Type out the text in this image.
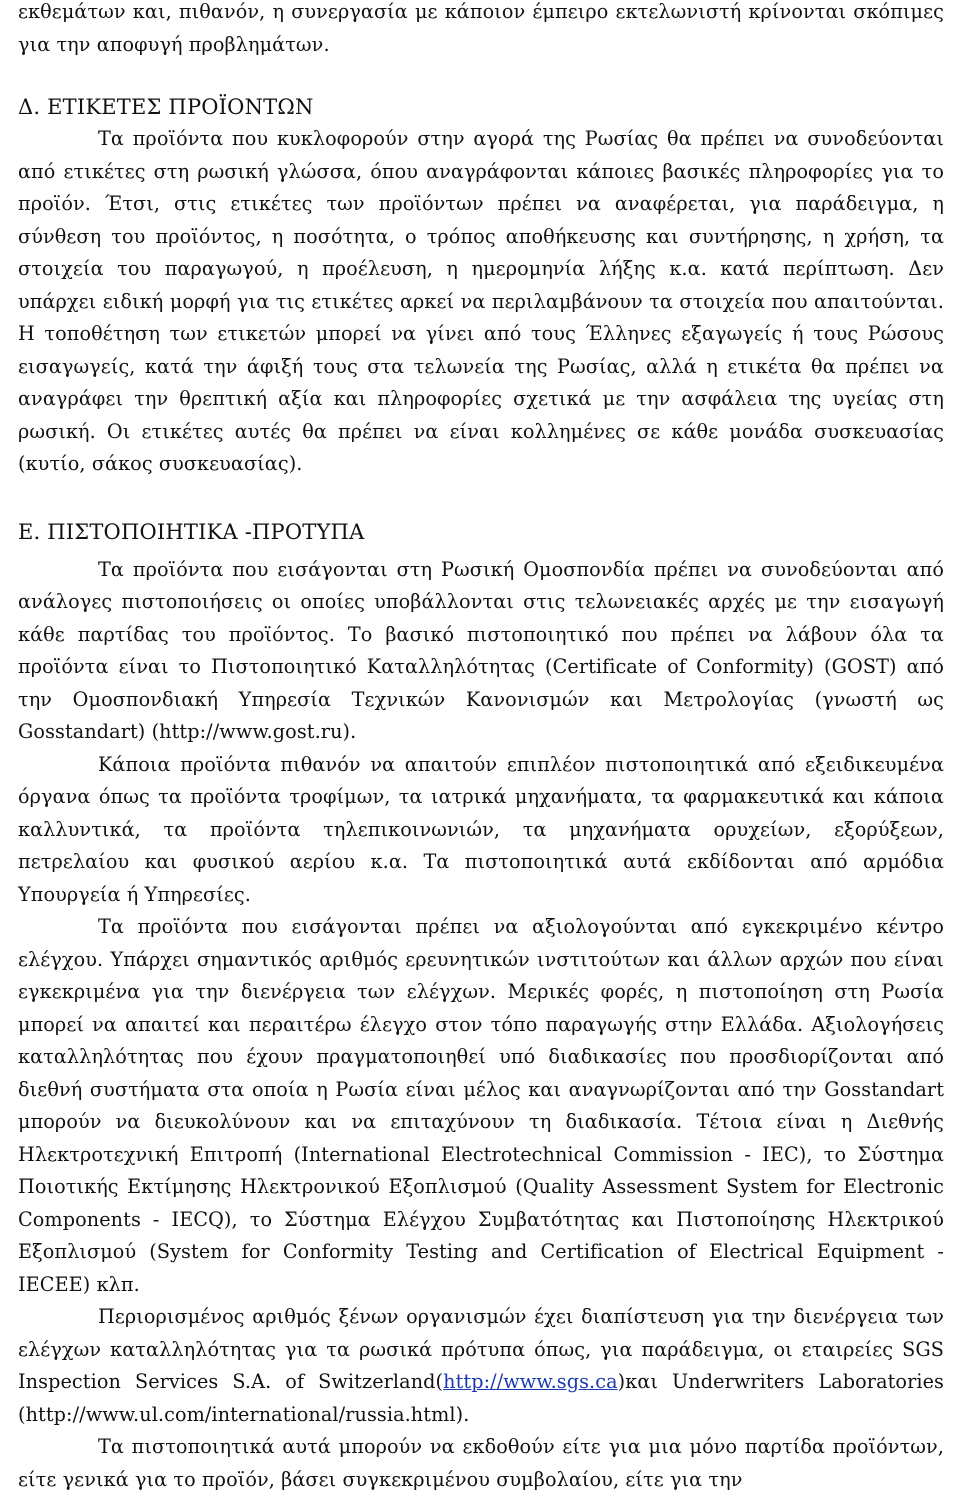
εκθεμάτων και, πιθανόν, η συνεργασία με κάποιον έμπειρο εκτελωνιστή κρίνονται σκόπιμες για την αποφυγή προβλημάτων.

Δ. ΕΤΙΚΕΤΕΣ ΠΡΟΪΟΝΤΩΝ

Τα προϊόντα που κυκλοφορούν στην αγορά της Ρωσίας θα πρέπει να συνοδεύονται από ετικέτες στη ρωσική γλώσσα, όπου αναγράφονται κάποιες βασικές πληροφορίες για το προϊόν. Έτσι, στις ετικέτες των προϊόντων πρέπει να αναφέρεται, για παράδειγμα, η σύνθεση του προϊόντος, η ποσότητα, ο τρόπος αποθήκευσης και συντήρησης, η χρήση, τα στοιχεία του παραγωγού, η προέλευση, η ημερομηνία λήξης κ.α. κατά περίπτωση. Δεν υπάρχει ειδική μορφή για τις ετικέτες αρκεί να περιλαμβάνουν τα στοιχεία που απαιτούνται. Η τοποθέτηση των ετικετών μπορεί να γίνει από τους Έλληνες εξαγωγείς ή τους Ρώσους εισαγωγείς, κατά την άφιξή τους στα τελωνεία της Ρωσίας, αλλά η ετικέτα θα πρέπει να αναγράφει την θρεπτική αξία και πληροφορίες σχετικά με την ασφάλεια της υγείας στη ρωσική. Οι ετικέτες αυτές θα πρέπει να είναι κολλημένες σε κάθε μονάδα συσκευασίας (κυτίο, σάκος συσκευασίας).

Ε. ΠΙΣΤΟΠΟΙΗΤΙΚΑ -ΠΡΟΤΥΠΑ

Τα προϊόντα που εισάγονται στη Ρωσική Ομοσπονδία πρέπει να συνοδεύονται από ανάλογες πιστοποιήσεις οι οποίες υποβάλλονται στις τελωνειακές αρχές με την εισαγωγή κάθε παρτίδας του προϊόντος. Το βασικό πιστοποιητικό που πρέπει να λάβουν όλα τα προϊόντα είναι το Πιστοποιητικό Καταλληλότητας (Certificate of Conformity) (GOST) από την Ομοσπονδιακή Υπηρεσία Τεχνικών Κανονισμών και Μετρολογίας (γνωστή ως Gosstandart) (http://www.gost.ru).

Κάποια προϊόντα πιθανόν να απαιτούν επιπλέον πιστοποιητικά από εξειδικευμένα όργανα όπως τα προϊόντα τροφίμων, τα ιατρικά μηχανήματα, τα φαρμακευτικά και κάποια καλλυντικά, τα προϊόντα τηλεπικοινωνιών, τα μηχανήματα ορυχείων, εξορύξεων, πετρελαίου και φυσικού αερίου κ.α. Τα πιστοποιητικά αυτά εκδίδονται από αρμόδια Υπουργεία ή Υπηρεσίες.

Τα προϊόντα που εισάγονται πρέπει να αξιολογούνται από εγκεκριμένο κέντρο ελέγχου. Υπάρχει σημαντικός αριθμός ερευνητικών ινστιτούτων και άλλων αρχών που είναι εγκεκριμένα για την διενέργεια των ελέγχων. Μερικές φορές, η πιστοποίηση στη Ρωσία μπορεί να απαιτεί και περαιτέρω έλεγχο στον τόπο παραγωγής στην Ελλάδα. Αξιολογήσεις καταλληλότητας που έχουν πραγματοποιηθεί υπό διαδικασίες που προσδιορίζονται από διεθνή συστήματα στα οποία η Ρωσία είναι μέλος και αναγνωρίζονται από την Gosstandart μπορούν να διευκολύνουν και να επιταχύνουν τη διαδικασία. Τέτοια είναι η Διεθνής Ηλεκτροτεχνική Επιτροπή (International Electrotechnical Commission - IEC), το Σύστημα Ποιοτικής Εκτίμησης Ηλεκτρονικού Εξοπλισμού (Quality Assessment System for Electronic Components - IECQ), το Σύστημα Ελέγχου Συμβατότητας και Πιστοποίησης Ηλεκτρικού Εξοπλισμού (System for Conformity Testing and Certification of Electrical Equipment - IECEE) κλπ.

Περιορισμένος αριθμός ξένων οργανισμών έχει διαπίστευση για την διενέργεια των ελέγχων καταλληλότητας για τα ρωσικά πρότυπα όπως, για παράδειγμα, οι εταιρείες SGS Inspection Services S.A. of Switzerland(http://www.sgs.ca)και Underwriters Laboratories (http://www.ul.com/international/russia.html).

Τα πιστοποιητικά αυτά μπορούν να εκδοθούν είτε για μια μόνο παρτίδα προϊόντων, είτε γενικά για το προϊόν, βάσει συγκεκριμένου συμβολαίου, είτε για την
